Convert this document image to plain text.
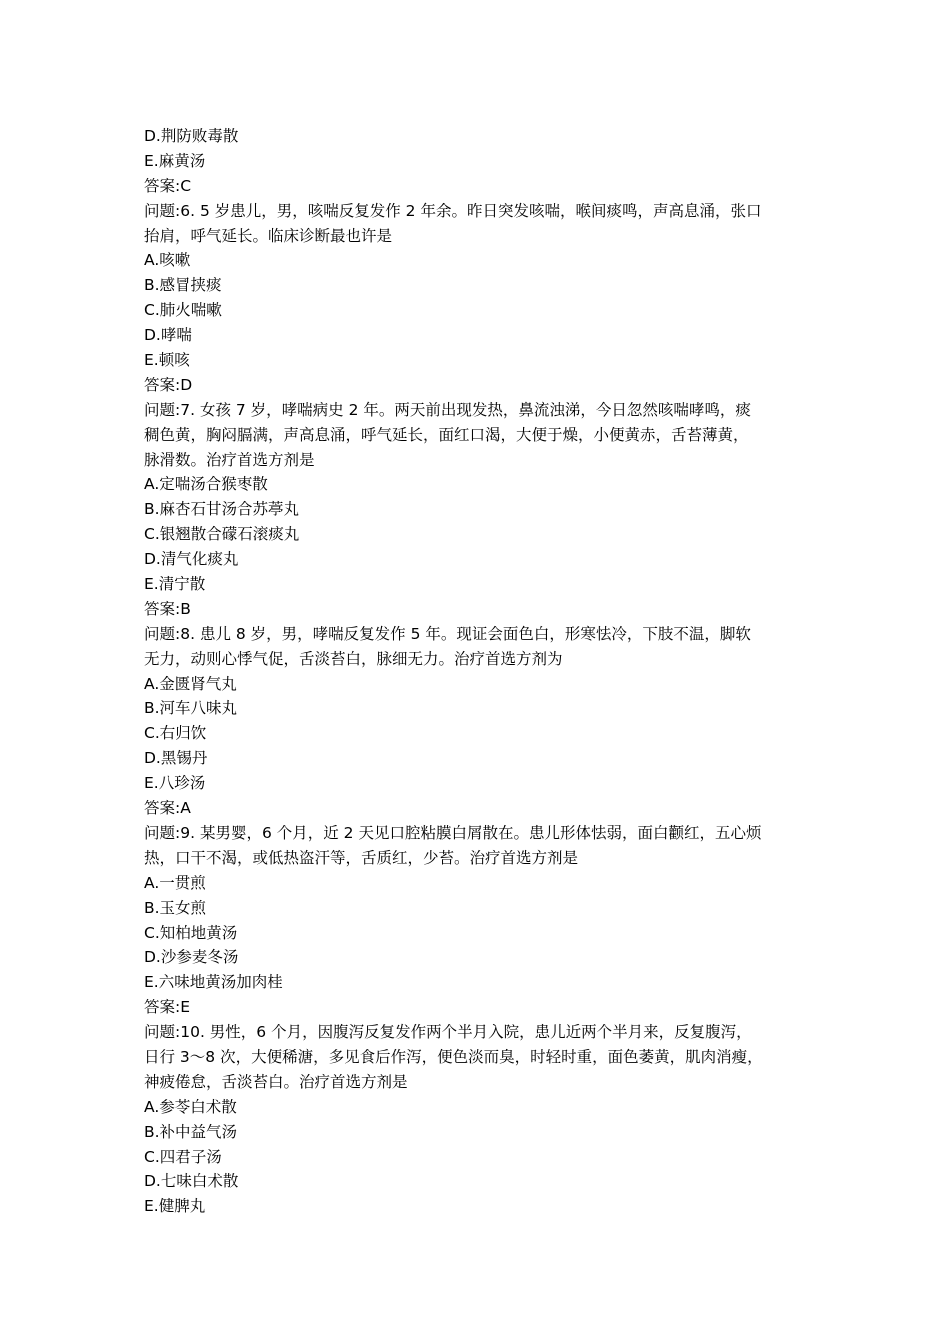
D.荆防败毒散
E.麻黄汤
答案:C
问题:6. 5 岁患儿，男，咳喘反复发作 2 年余。昨日突发咳喘，喉间痰鸣，声高息涌，张口
抬肩，呼气延长。临床诊断最也许是
A.咳嗽
B.感冒挟痰
C.肺火喘嗽
D.哮喘
E.顿咳
答案:D
问题:7. 女孩 7 岁，哮喘病史 2 年。两天前出现发热，鼻流浊涕，今日忽然咳喘哮鸣，痰
稠色黄，胸闷膈满，声高息涌，呼气延长，面红口渴，大便于燥，小便黄赤，舌苔薄黄，
脉滑数。治疗首选方剂是
A.定喘汤合猴枣散
B.麻杏石甘汤合苏葶丸
C.银翘散合礞石滚痰丸
D.清气化痰丸
E.清宁散
答案:B
问题:8. 患儿 8 岁，男，哮喘反复发作 5 年。现证会面色白，形寒怯冷，下肢不温，脚软
无力，动则心悸气促，舌淡苔白，脉细无力。治疗首选方剂为
A.金匮肾气丸
B.河车八味丸
C.右归饮
D.黑锡丹
E.八珍汤
答案:A
问题:9. 某男婴，6 个月，近 2 天见口腔粘膜白屑散在。患儿形体怯弱，面白颧红，五心烦
热，口干不渴，或低热盗汗等，舌质红，少苔。治疗首选方剂是
A.一贯煎
B.玉女煎
C.知柏地黄汤
D.沙参麦冬汤
E.六味地黄汤加肉桂
答案:E
问题:10. 男性，6 个月，因腹泻反复发作两个半月入院，患儿近两个半月来，反复腹泻，
日行 3～8 次，大便稀溏，多见食后作泻，便色淡而臭，时轻时重，面色萎黄，肌肉消瘦，
神疲倦怠，舌淡苔白。治疗首选方剂是
A.参苓白术散
B.补中益气汤
C.四君子汤
D.七味白术散
E.健脾丸
